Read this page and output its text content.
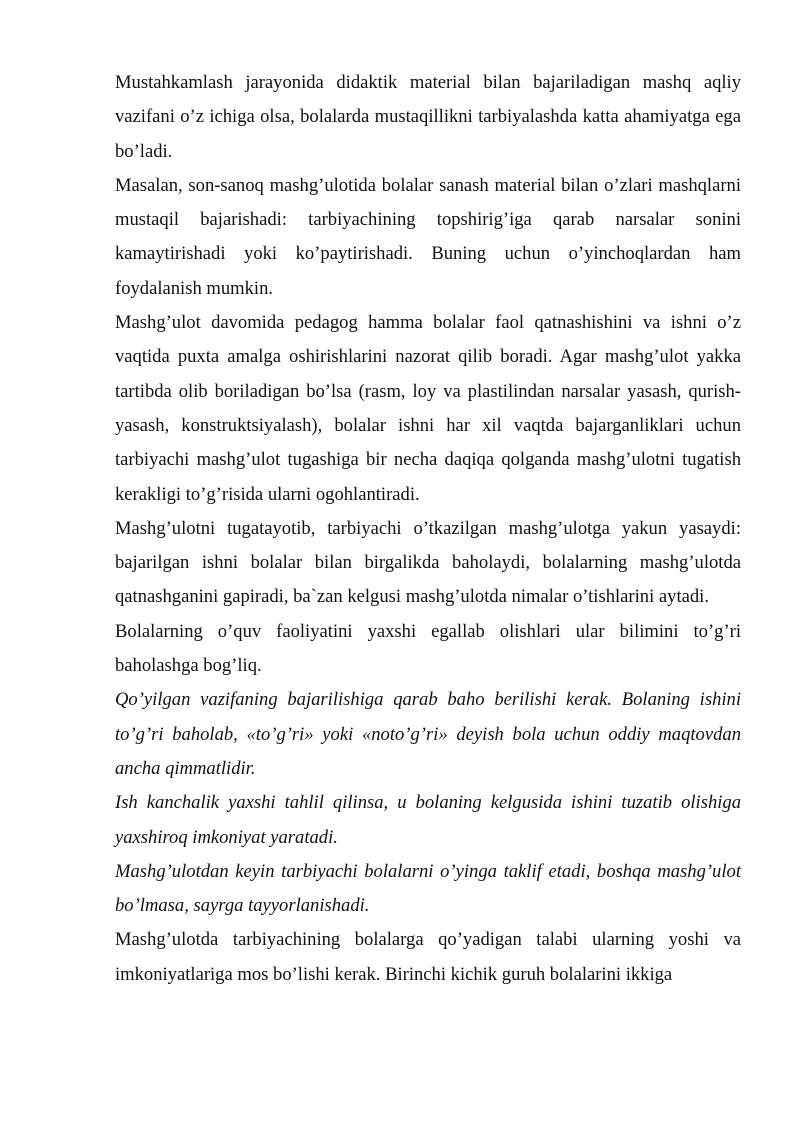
Mustahkamlash jarayonida didaktik material bilan bajariladigan mashq aqliy vazifani o’z ichiga olsa, bolalarda mustaqillikni tarbiyalashda katta ahamiyatga ega bo’ladi.

Masalan, son-sanoq mashg’ulotida bolalar sanash material bilan o’zlari mashqlarni mustaqil bajarishadi: tarbiyachining topshirig’iga qarab narsalar sonini kamaytirishadi yoki ko’paytirishadi. Buning uchun o’yinchoqlardan ham foydalanish mumkin.

Mashg’ulot davomida pedagog hamma bolalar faol qatnashishini va ishni o’z vaqtida puxta amalga oshirishlarini nazorat qilib boradi. Agar mashg’ulot yakka tartibda olib boriladigan bo’lsa (rasm, loy va plastilindan narsalar yasash, qurish-yasash, konstruktsiyalash), bolalar ishni har xil vaqtda bajarganliklari uchun tarbiyachi mashg’ulot tugashiga bir necha daqiqa qolganda mashg’ulotni tugatish kerakligi to’g’risida ularni ogohlantiradi.

Mashg’ulotni tugatayotib, tarbiyachi o’tkazilgan mashg’ulotga yakun yasaydi: bajarilgan ishni bolalar bilan birgalikda baholaydi, bolalarning mashg’ulotda qatnashganini gapiradi, ba`zan kelgusi mashg’ulotda nimalar o’tishlarini aytadi.

Bolalarning o’quv faoliyatini yaxshi egallab olishlari ular bilimini to’g’ri baholashga bog’liq.

Qo’yilgan vazifaning bajarilishiga qarab baho berilishi kerak. Bolaning ishini to’g’ri baholab, «to’g’ri» yoki «noto’g’ri» deyish bola uchun oddiy maqtovdan ancha qimmatlidir.

Ish kanchalik yaxshi tahlil qilinsa, u bolaning kelgusida ishini tuzatib olishiga yaxshiroq imkoniyat yaratadi.

Mashg’ulotdan keyin tarbiyachi bolalarni o’yinga taklif etadi, boshqa mashg’ulot bo’lmasa, sayrga tayyorlanishadi.

Mashg’ulotda tarbiyachining bolalarga qo’yadigan talabi ularning yoshi va imkoniyatlariga mos bo’lishi kerak. Birinchi kichik guruh bolalarini ikkiga
